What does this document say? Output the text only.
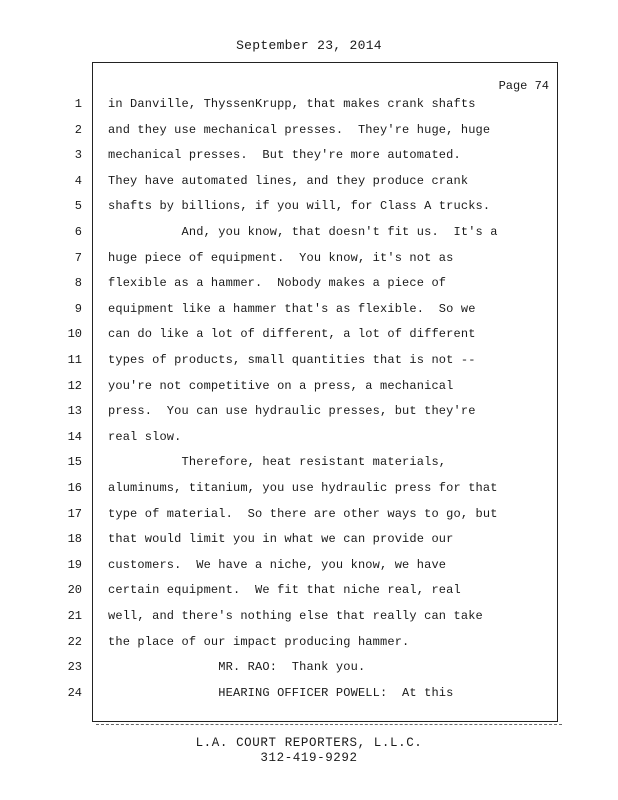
September 23, 2014
Page 74
1
2
3
4
5
6
7
8
9
10
11
12
13
14
15
16
17
18
19
20
21
22
23
24
in Danville, ThyssenKrupp, that makes crank shafts
and they use mechanical presses.  They're huge, huge
mechanical presses.  But they're more automated.
They have automated lines, and they produce crank
shafts by billions, if you will, for Class A trucks.
And, you know, that doesn't fit us.  It's a
huge piece of equipment.  You know, it's not as
flexible as a hammer.  Nobody makes a piece of
equipment like a hammer that's as flexible.  So we
can do like a lot of different, a lot of different
types of products, small quantities that is not --
you're not competitive on a press, a mechanical
press.  You can use hydraulic presses, but they're
real slow.
Therefore, heat resistant materials,
aluminums, titanium, you use hydraulic press for that
type of material.  So there are other ways to go, but
that would limit you in what we can provide our
customers.  We have a niche, you know, we have
certain equipment.  We fit that niche real, real
well, and there's nothing else that really can take
the place of our impact producing hammer.
MR. RAO:  Thank you.
HEARING OFFICER POWELL:  At this
L.A. COURT REPORTERS, L.L.C.
312-419-9292
